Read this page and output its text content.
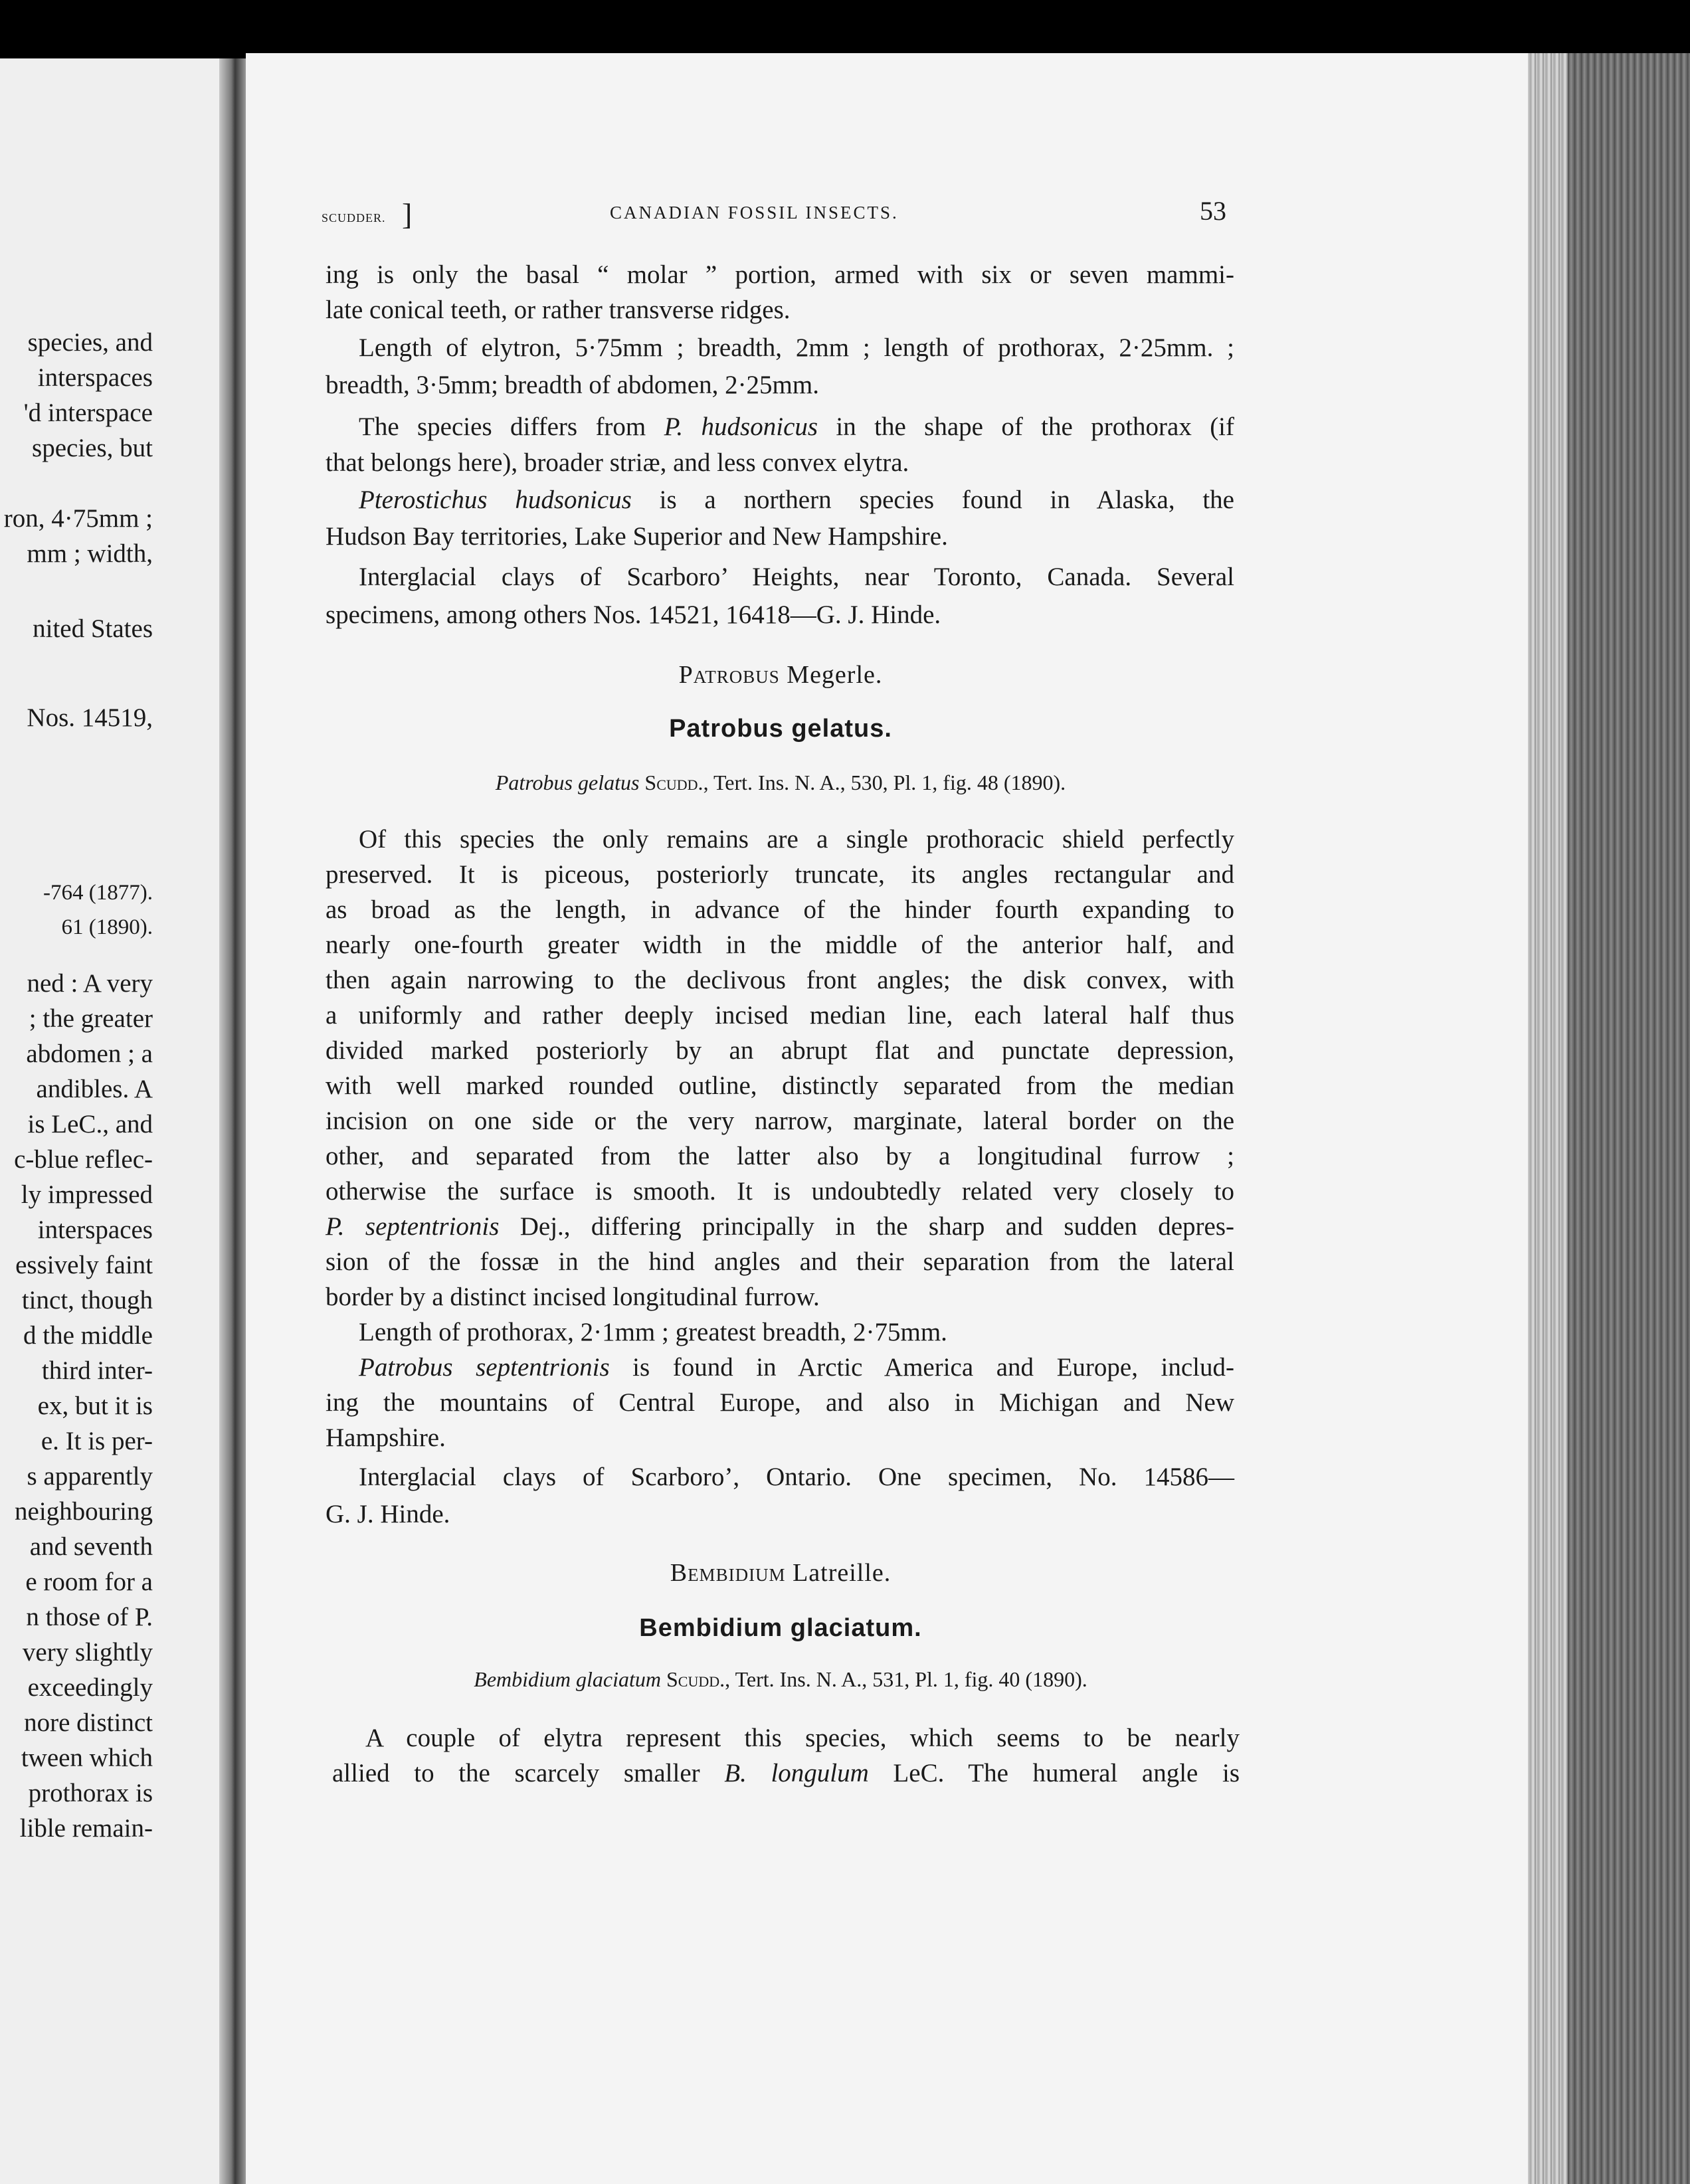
species, and
interspaces
'd interspace
species, but
ron, 4·75mm ;
mm ; width,
nited States
Nos. 14519,
-764 (1877).
61 (1890).
ned : A very
; the greater
abdomen ; a
andibles. A
is LeC., and
c-blue reflec-
ly impressed
interspaces
essively faint
tinct, though
d the middle
third inter-
ex, but it is
e. It is per-
s apparently
neighbouring
and seventh
e room for a
n those of P.
very slightly
exceedingly
nore distinct
tween which
prothorax is
lible remain-
SCUDDER. ]	CANADIAN FOSSIL INSECTS.	53
ing is only the basal “ molar ” portion, armed with six or seven mammi-
late conical teeth, or rather transverse ridges.
Length of elytron, 5·75mm ; breadth, 2mm ; length of prothorax, 2·25mm. ;
breadth, 3·5mm; breadth of abdomen, 2·25mm.
The species differs from P. hudsonicus in the shape of the prothorax (if
that belongs here), broader striæ, and less convex elytra.
Pterostichus hudsonicus is a northern species found in Alaska, the
Hudson Bay territories, Lake Superior and New Hampshire.
Interglacial clays of Scarboro’ Heights, near Toronto, Canada. Several
specimens, among others Nos. 14521, 16418—G. J. Hinde.
Patrobus Megerle.
Patrobus gelatus.
Patrobus gelatus Scudd., Tert. Ins. N. A., 530, Pl. 1, fig. 48 (1890).
Of this species the only remains are a single prothoracic shield perfectly
preserved. It is piceous, posteriorly truncate, its angles rectangular and
as broad as the length, in advance of the hinder fourth expanding to
nearly one-fourth greater width in the middle of the anterior half, and
then again narrowing to the declivous front angles; the disk convex, with
a uniformly and rather deeply incised median line, each lateral half thus
divided marked posteriorly by an abrupt flat and punctate depression,
with well marked rounded outline, distinctly separated from the median
incision on one side or the very narrow, marginate, lateral border on the
other, and separated from the latter also by a longitudinal furrow ;
otherwise the surface is smooth. It is undoubtedly related very closely to
P. septentrionis Dej., differing principally in the sharp and sudden depres-
sion of the fossæ in the hind angles and their separation from the lateral
border by a distinct incised longitudinal furrow.
Length of prothorax, 2·1mm ; greatest breadth, 2·75mm.
Patrobus septentrionis is found in Arctic America and Europe, includ-
ing the mountains of Central Europe, and also in Michigan and New
Hampshire.
Interglacial clays of Scarboro’, Ontario. One specimen, No. 14586—
G. J. Hinde.
Bembidium Latreille.
Bembidium glaciatum.
Bembidium glaciatum Scudd., Tert. Ins. N. A., 531, Pl. 1, fig. 40 (1890).
A couple of elytra represent this species, which seems to be nearly
allied to the scarcely smaller B. longulum LeC. The humeral angle is
